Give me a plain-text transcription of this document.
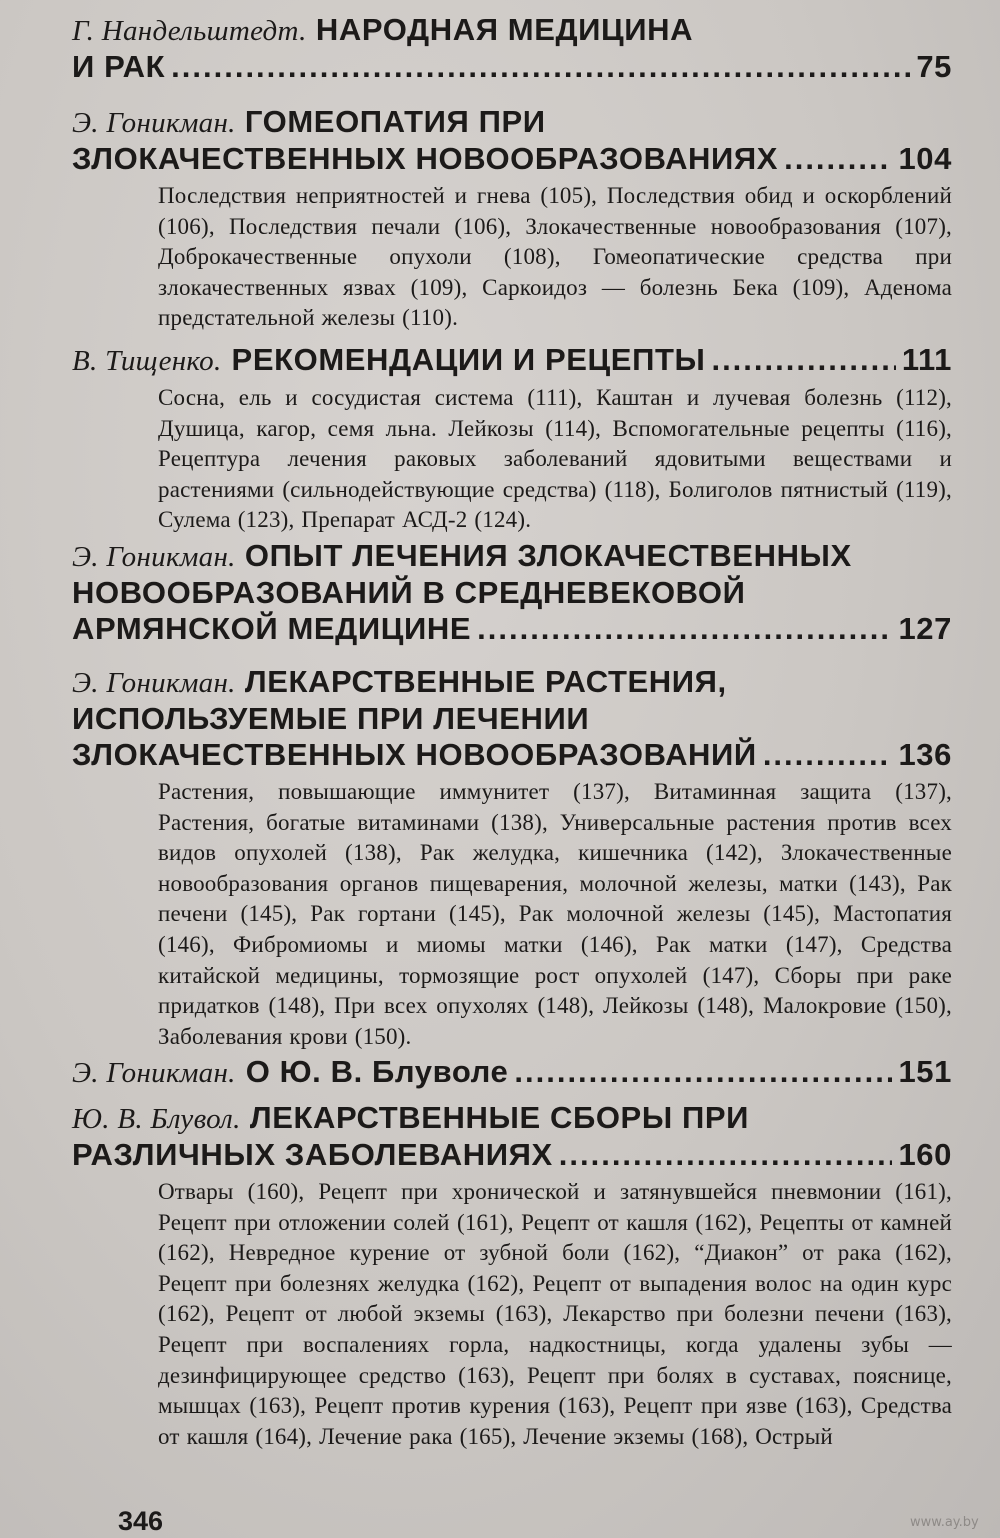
Г. Нандельштедт. НАРОДНАЯ МЕДИЦИНА
И РАК .....	75
Э. Гоникман. ГОМЕОПАТИЯ ПРИ
ЗЛОКАЧЕСТВЕННЫХ НОВООБРАЗОВАНИЯХ .....	104
Последствия неприятностей и гнева (105), Последствия обид и оскорблений (106), Последствия печали (106), Злокачественные новообразования (107), Доброкачественные опухоли (108), Гомеопатические средства при злокачественных язвах (109), Саркоидоз — болезнь Бека (109), Аденома предстательной железы (110).
В. Тищенко. РЕКОМЕНДАЦИИ И РЕЦЕПТЫ .....	111
Сосна, ель и сосудистая система (111), Каштан и лучевая болезнь (112), Душица, кагор, семя льна. Лейкозы (114), Вспомогательные рецепты (116), Рецептура лечения раковых заболеваний ядовитыми веществами и растениями (сильнодействующие средства) (118), Болиголов пятнистый (119), Сулема (123), Препарат АСД-2 (124).
Э. Гоникман. ОПЫТ ЛЕЧЕНИЯ ЗЛОКАЧЕСТВЕННЫХ
НОВООБРАЗОВАНИЙ В СРЕДНЕВЕКОВОЙ
АРМЯНСКОЙ МЕДИЦИНЕ .....	127
Э. Гоникман. ЛЕКАРСТВЕННЫЕ РАСТЕНИЯ,
ИСПОЛЬЗУЕМЫЕ ПРИ ЛЕЧЕНИИ
ЗЛОКАЧЕСТВЕННЫХ НОВООБРАЗОВАНИЙ .....	136
Растения, повышающие иммунитет (137), Витаминная защита (137), Растения, богатые витаминами (138), Универсальные растения против всех видов опухолей (138), Рак желудка, кишечника (142), Злокачественные новообразования органов пищеварения, молочной железы, матки (143), Рак печени (145), Рак гортани (145), Рак молочной железы (145), Мастопатия (146), Фибромиомы и миомы матки (146), Рак матки (147), Средства китайской медицины, тормозящие рост опухолей (147), Сборы при раке придатков (148), При всех опухолях (148), Лейкозы (148), Малокровие (150), Заболевания крови (150).
Э. Гоникман. О Ю. В. Блуволе .....	151
Ю. В. Блувол. ЛЕКАРСТВЕННЫЕ СБОРЫ ПРИ
РАЗЛИЧНЫХ ЗАБОЛЕВАНИЯХ .....	160
Отвары (160), Рецепт при хронической и затянувшейся пневмонии (161), Рецепт при отложении солей (161), Рецепт от кашля (162), Рецепты от камней (162), Невредное курение от зубной боли (162), “Диакон” от рака (162), Рецепт при болезнях желудка (162), Рецепт от выпадения волос на один курс (162), Рецепт от любой экземы (163), Лекарство при болезни печени (163), Рецепт при воспалениях горла, надкостницы, когда удалены зубы — дезинфицирующее средство (163), Рецепт при болях в суставах, пояснице, мышцах (163), Рецепт против курения (163), Рецепт при язве (163), Средства от кашля (164), Лечение рака (165), Лечение экземы (168), Острый
346	www.ay.by
